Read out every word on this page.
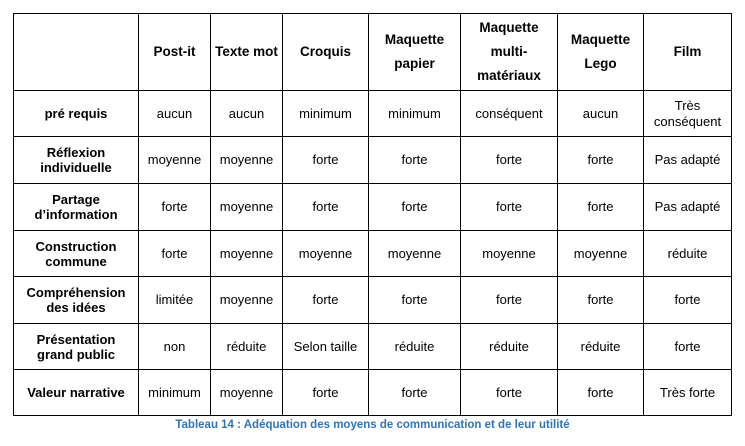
	Post-it	Texte mot	Croquis	Maquette papier	Maquette multi-matériaux	Maquette Lego	Film
pré requis	aucun	aucun	minimum	minimum	conséquent	aucun	Très conséquent
Réflexion individuelle	moyenne	moyenne	forte	forte	forte	forte	Pas adapté
Partage d’information	forte	moyenne	forte	forte	forte	forte	Pas adapté
Construction commune	forte	moyenne	moyenne	moyenne	moyenne	moyenne	réduite
Compréhension des idées	limitée	moyenne	forte	forte	forte	forte	forte
Présentation grand public	non	réduite	Selon taille	réduite	réduite	réduite	forte
Valeur narrative	minimum	moyenne	forte	forte	forte	forte	Très forte
Tableau 14 : Adéquation des moyens de communication et de leur utilité
